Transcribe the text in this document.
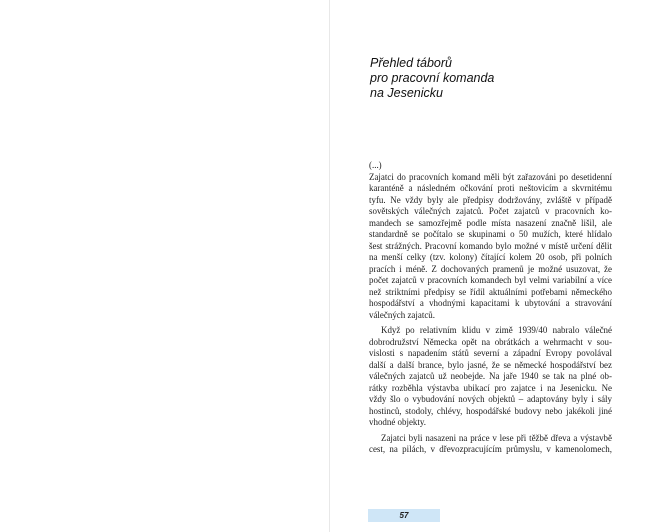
Přehled táborů
pro pracovní komanda
na Jesenicku
(...)
Zajatci do pracovních komand měli být zařazováni po desetidenní
karanténě a následném očkování proti neštovicím a skvrnitému
tyfu. Ne vždy byly ale předpisy dodržovány, zvláště v případě
sovětských válečných zajatců. Počet zajatců v pracovních ko-
mandech se samozřejmě podle místa nasazení značně lišil, ale
standardně se počítalo se skupinami o 50 mužích, které hlídalo
šest strážných. Pracovní komando bylo možné v místě určení dělit
na menší celky (tzv. kolony) čítající kolem 20 osob, při polních
pracích i méně. Z dochovaných pramenů je možné usuzovat, že
počet zajatců v pracovních komandech byl velmi variabilní a více
než striktními předpisy se řídil aktuálními potřebami německého
hospodářství a vhodnými kapacitami k ubytování a stravování
válečných zajatců.
Když po relativním klidu v zimě 1939/40 nabralo válečné
dobrodružství Německa opět na obrátkách a wehrmacht v sou-
vislosti s napadením států severní a západní Evropy povolával
další a další brance, bylo jasné, že se německé hospodářství bez
válečných zajatců už neobejde. Na jaře 1940 se tak na plné ob-
rátky rozběhla výstavba ubikací pro zajatce i na Jesenicku. Ne
vždy šlo o vybudování nových objektů – adaptovány byly i sály
hostinců, stodoly, chlévy, hospodářské budovy nebo jakékoli jiné
vhodné objekty.
Zajatci byli nasazeni na práce v lese při těžbě dřeva a výstavbě
cest, na pilách, v dřevozpracujícím průmyslu, v kamenolomech,
57
